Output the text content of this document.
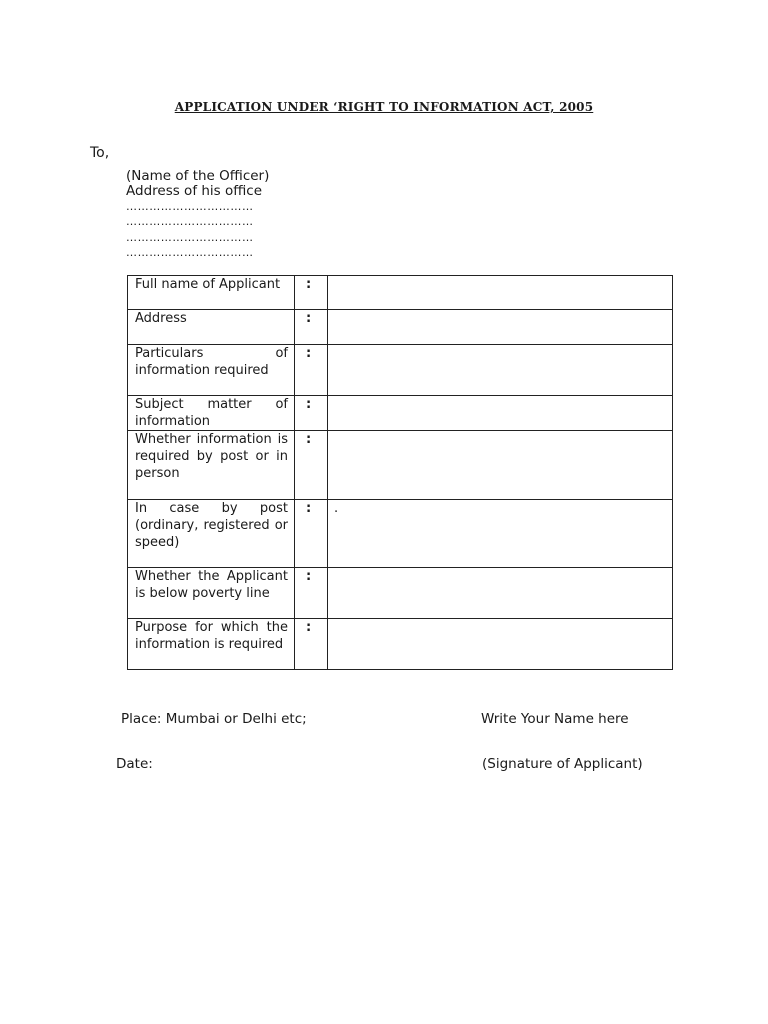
APPLICATION UNDER ‘RIGHT TO INFORMATION ACT, 2005
To,
(Name of the Officer)
Address of his office
……………………………
……………………………
……………………………
……………………………
Full name of Applicant	:	

Address	:	

Particulars of information required	:	

Subject matter of information	:	

Whether information is required by post or in person	:	

In case by post (ordinary, registered or speed)	:	.

Whether the Applicant is below poverty line	:	

Purpose for which the information is required	:	
Place: Mumbai or Delhi etc;	Write Your Name here
Date:	(Signature of Applicant)
